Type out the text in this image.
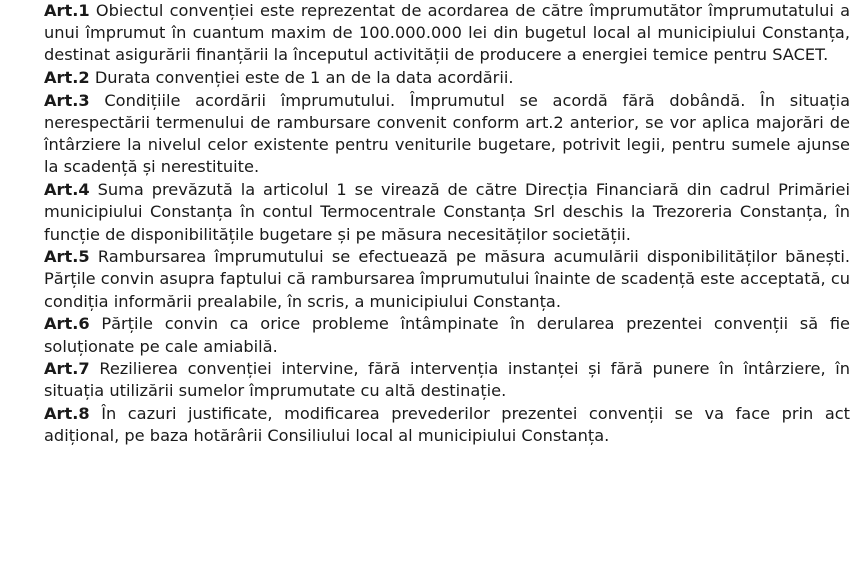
Art.1 Obiectul convenției este reprezentat de acordarea de către împrumutător împrumutatului a unui împrumut în cuantum maxim de 100.000.000 lei din bugetul local al municipiului Constanța, destinat asigurării finanțării la începutul activității de producere a energiei temice pentru SACET.

Art.2 Durata convenției este de 1 an de la data acordării.

Art.3 Condițiile acordării împrumutului. Împrumutul se acordă fără dobândă. În situația nerespectării termenului de rambursare convenit conform art.2 anterior, se vor aplica majorări de întârziere la nivelul celor existente pentru veniturile bugetare, potrivit legii, pentru sumele ajunse la scadență și nerestituite.

Art.4 Suma prevăzută la articolul 1 se virează de către Direcția Financiară din cadrul Primăriei municipiului Constanța în contul Termocentrale Constanța Srl deschis la Trezoreria Constanța, în funcție de disponibilitățile bugetare și pe măsura necesităților societății.

Art.5 Rambursarea împrumutului se efectuează pe măsura acumulării disponibilităților bănești. Părțile convin asupra faptului că rambursarea împrumutului înainte de scadență este acceptată, cu condiția informării prealabile, în scris, a municipiului Constanța.

Art.6 Părțile convin ca orice probleme întâmpinate în derularea prezentei convenții să fie soluționate pe cale amiabilă.

Art.7 Rezilierea convenției intervine, fără intervenția instanței și fără punere în întârziere, în situația utilizării sumelor împrumutate cu altă destinație.

Art.8 În cazuri justificate, modificarea prevederilor prezentei convenții se va face prin act adițional, pe baza hotărârii Consiliului local al municipiului Constanța.
